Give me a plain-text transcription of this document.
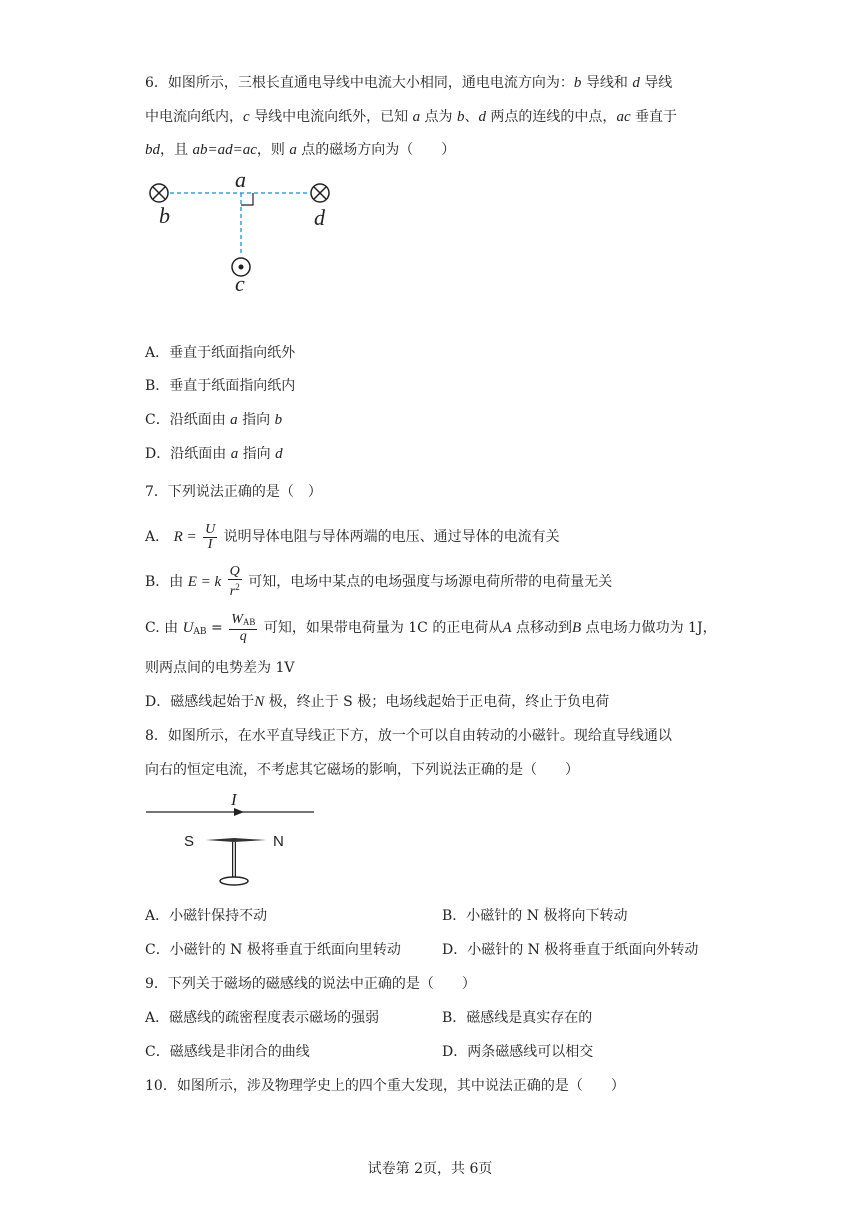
6．如图所示，三根长直通电导线中电流大小相同，通电电流方向为：b 导线和 d 导线
中电流向纸内，c 导线中电流向纸外，已知 a 点为 b、d 两点的连线的中点，ac 垂直于
bd，且 ab=ad=ac，则 a 点的磁场方向为（　　）
a
b	d
c
A．垂直于纸面指向纸外
B．垂直于纸面指向纸内
C．沿纸面由 a 指向 b
D．沿纸面由 a 指向 d
7．下列说法正确的是（　）
A． $R = \frac{U}{I}$ 说明导体电阻与导体两端的电压、通过导体的电流有关
B．由 E = k $\frac{Q}{r^2}$ 可知，电场中某点的电场强度与场源电荷所带的电荷量无关
C. 由 $U_{AB} = \frac{W_{AB}}{q}$ 可知，如果带电荷量为 1C 的正电荷从A 点移动到B 点电场力做功为 1J，
则两点间的电势差为 1V
D．磁感线起始于N 极，终止于 S 极；电场线起始于正电荷，终止于负电荷
8．如图所示，在水平直导线正下方，放一个可以自由转动的小磁针。现给直导线通以
向右的恒定电流，不考虑其它磁场的影响，下列说法正确的是（　　）
I
S	N
A．小磁针保持不动	B．小磁针的 N 极将向下转动
C．小磁针的 N 极将垂直于纸面向里转动	D．小磁针的 N 极将垂直于纸面向外转动
9．下列关于磁场的磁感线的说法中正确的是（　　）
A．磁感线的疏密程度表示磁场的强弱	B．磁感线是真实存在的
C．磁感线是非闭合的曲线	D．两条磁感线可以相交
10．如图所示，涉及物理学史上的四个重大发现，其中说法正确的是（　　）
试卷第 2页，共 6页
